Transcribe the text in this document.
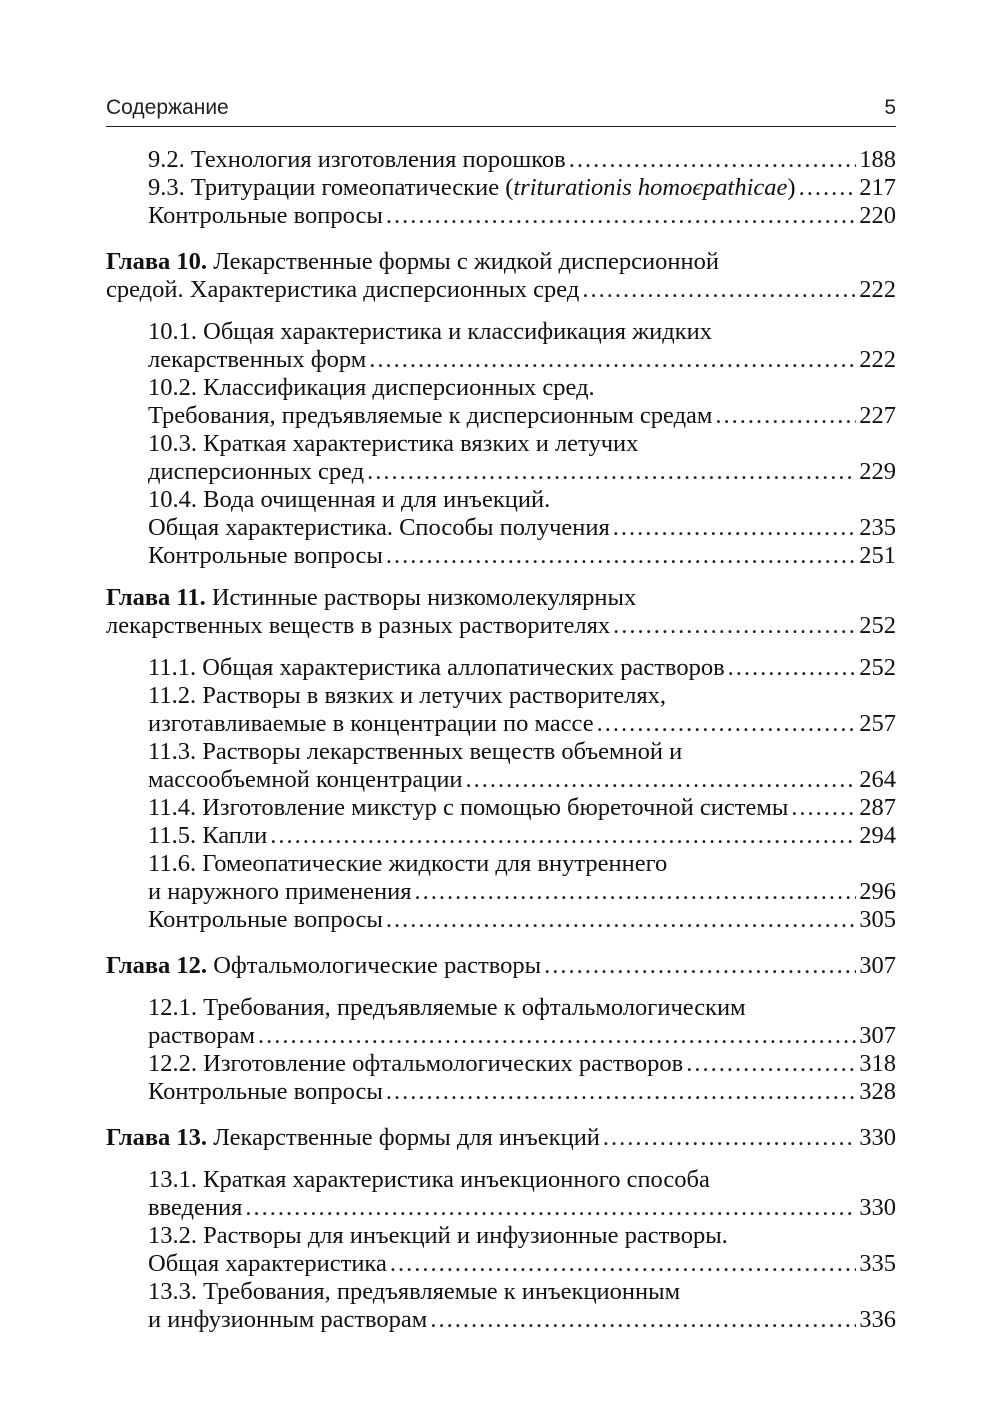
Содержание	5
9.2. Технология изготовления порошков .....	188
9.3. Тритурации гомеопатические (triturationis homoєpathicae) .....	217
Контрольные вопросы .....	220
Глава 10. Лекарственные формы с жидкой дисперсионной
средой. Характеристика дисперсионных сред .....	222
10.1. Общая характеристика и классификация жидких
лекарственных форм .....	222
10.2. Классификация дисперсионных сред.
Требования, предъявляемые к дисперсионным средам .....	227
10.3. Краткая характеристика вязких и летучих
дисперсионных сред .....	229
10.4. Вода очищенная и для инъекций.
Общая характеристика. Способы получения .....	235
Контрольные вопросы .....	251
Глава 11. Истинные растворы низкомолекулярных
лекарственных веществ в разных растворителях .....	252
11.1. Общая характеристика аллопатических растворов .....	252
11.2. Растворы в вязких и летучих растворителях,
изготавливаемые в концентрации по массе .....	257
11.3. Растворы лекарственных веществ объемной и
массообъемной концентрации .....	264
11.4. Изготовление микстур с помощью бюреточной системы .....	287
11.5. Капли .....	294
11.6. Гомеопатические жидкости для внутреннего
и наружного применения .....	296
Контрольные вопросы .....	305
Глава 12. Офтальмологические растворы .....	307
12.1. Требования, предъявляемые к офтальмологическим
растворам .....	307
12.2. Изготовление офтальмологических растворов .....	318
Контрольные вопросы .....	328
Глава 13. Лекарственные формы для инъекций .....	330
13.1. Краткая характеристика инъекционного способа
введения .....	330
13.2. Растворы для инъекций и инфузионные растворы.
Общая характеристика .....	335
13.3. Требования, предъявляемые к инъекционным
и инфузионным растворам .....	336
